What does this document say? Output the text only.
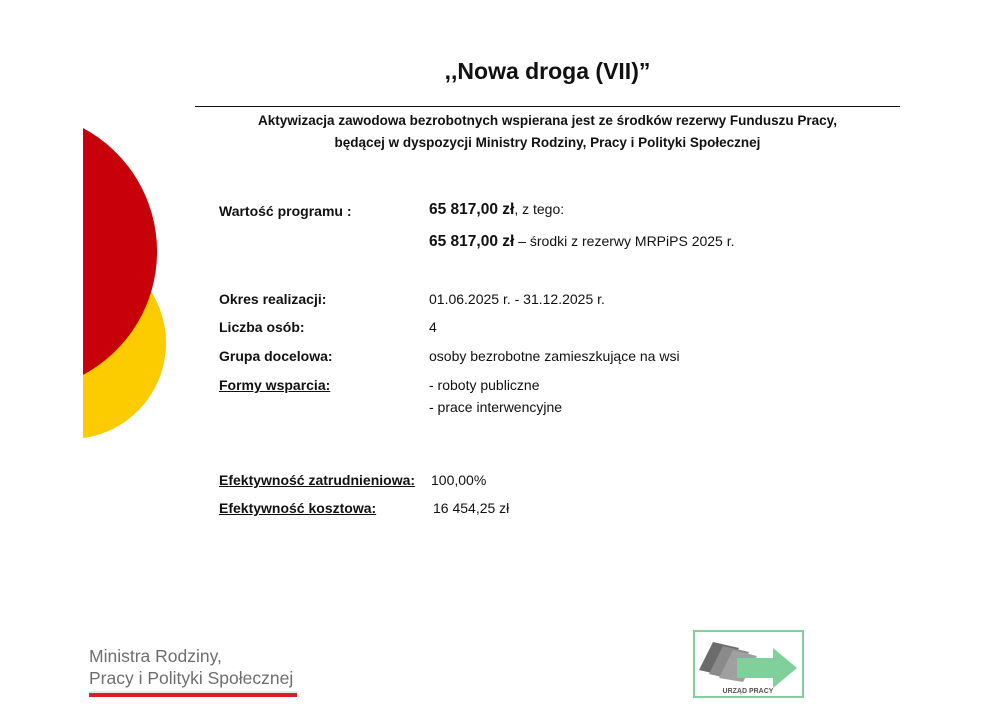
,,Nowa droga (VII)”
Aktywizacja zawodowa bezrobotnych wspierana jest ze środków rezerwy Funduszu Pracy,
będącej w dyspozycji Ministry Rodziny, Pracy i Polityki Społecznej
Wartość programu :	65 817,00 zł, z tego:
65 817,00 zł – środki z rezerwy MRPiPS 2025 r.
Okres realizacji:	01.06.2025 r. - 31.12.2025 r.
Liczba osób:	4
Grupa docelowa:	osoby bezrobotne zamieszkujące na wsi
Formy wsparcia:	- roboty publiczne
- prace interwencyjne
Efektywność zatrudnieniowa: 100,00%
Efektywność kosztowa:	16 454,25 zł
Ministra Rodziny,
Pracy i Polityki Społecznej
URZĄD PRACY
